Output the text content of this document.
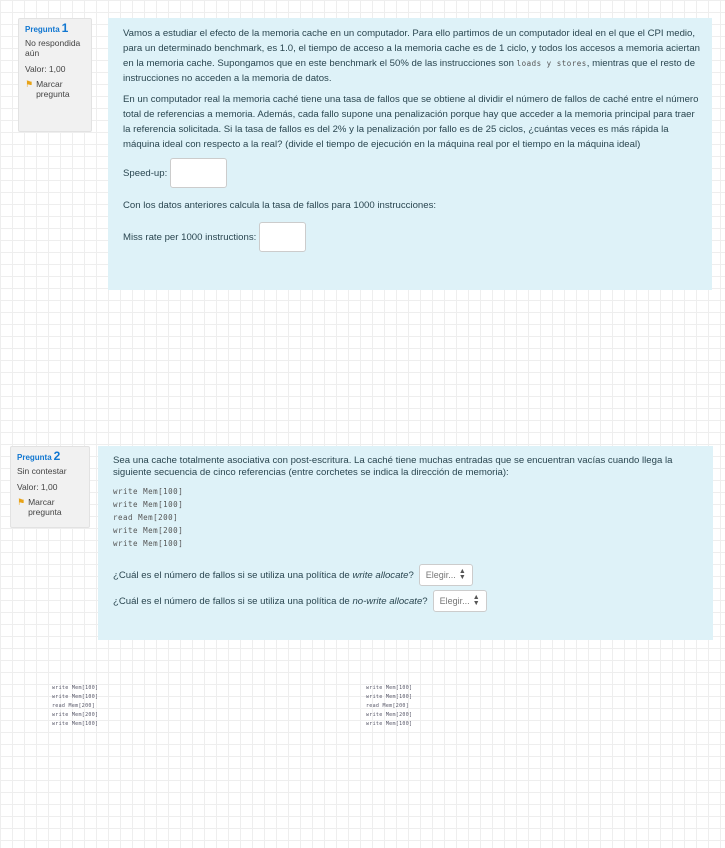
Pregunta 1
No respondida aún
Valor: 1,00
⚑ Marcar pregunta

Vamos a estudiar el efecto de la memoria cache en un computador. Para ello partimos de un computador ideal en el que el CPI medio, para un determinado benchmark, es 1.0, el tiempo de acceso a la memoria cache es de 1 ciclo, y todos los accesos a memoria aciertan en la memoria cache. Supongamos que en este benchmark el 50% de las instrucciones son loads y stores, mientras que el resto de instrucciones no acceden a la memoria de datos.

En un computador real la memoria caché tiene una tasa de fallos que se obtiene al dividir el número de fallos de caché entre el número total de referencias a memoria. Además, cada fallo supone una penalización porque hay que acceder a la memoria principal para traer la referencia solicitada. Si la tasa de fallos es del 2% y la penalización por fallo es de 25 ciclos, ¿cuántas veces es más rápida la máquina ideal con respecto a la real? (divide el tiempo de ejecución en la máquina real por el tiempo en la máquina ideal)

Speed-up:

Con los datos anteriores calcula la tasa de fallos para 1000 instrucciones:

Miss rate per 1000 instructions:
Pregunta 2
Sin contestar
Valor: 1,00
⚑ Marcar pregunta

Sea una cache totalmente asociativa con post-escritura. La caché tiene muchas entradas que se encuentran vacías cuando llega la siguiente secuencia de cinco referencias (entre corchetes se indica la dirección de memoria):

write Mem[100]
write Mem[100]
read Mem[200]
write Mem[200]
write Mem[100]
¿Cuál es el número de fallos si se utiliza una política de write allocate? Elegir... ▲
▼
¿Cuál es el número de fallos si se utiliza una política de no-write allocate? Elegir... ▲
▼
write Mem[100]
write Mem[100]
read Mem[200]
write Mem[200]
write Mem[100]
write Mem[100]
write Mem[100]
read Mem[200]
write Mem[200]
write Mem[100]
